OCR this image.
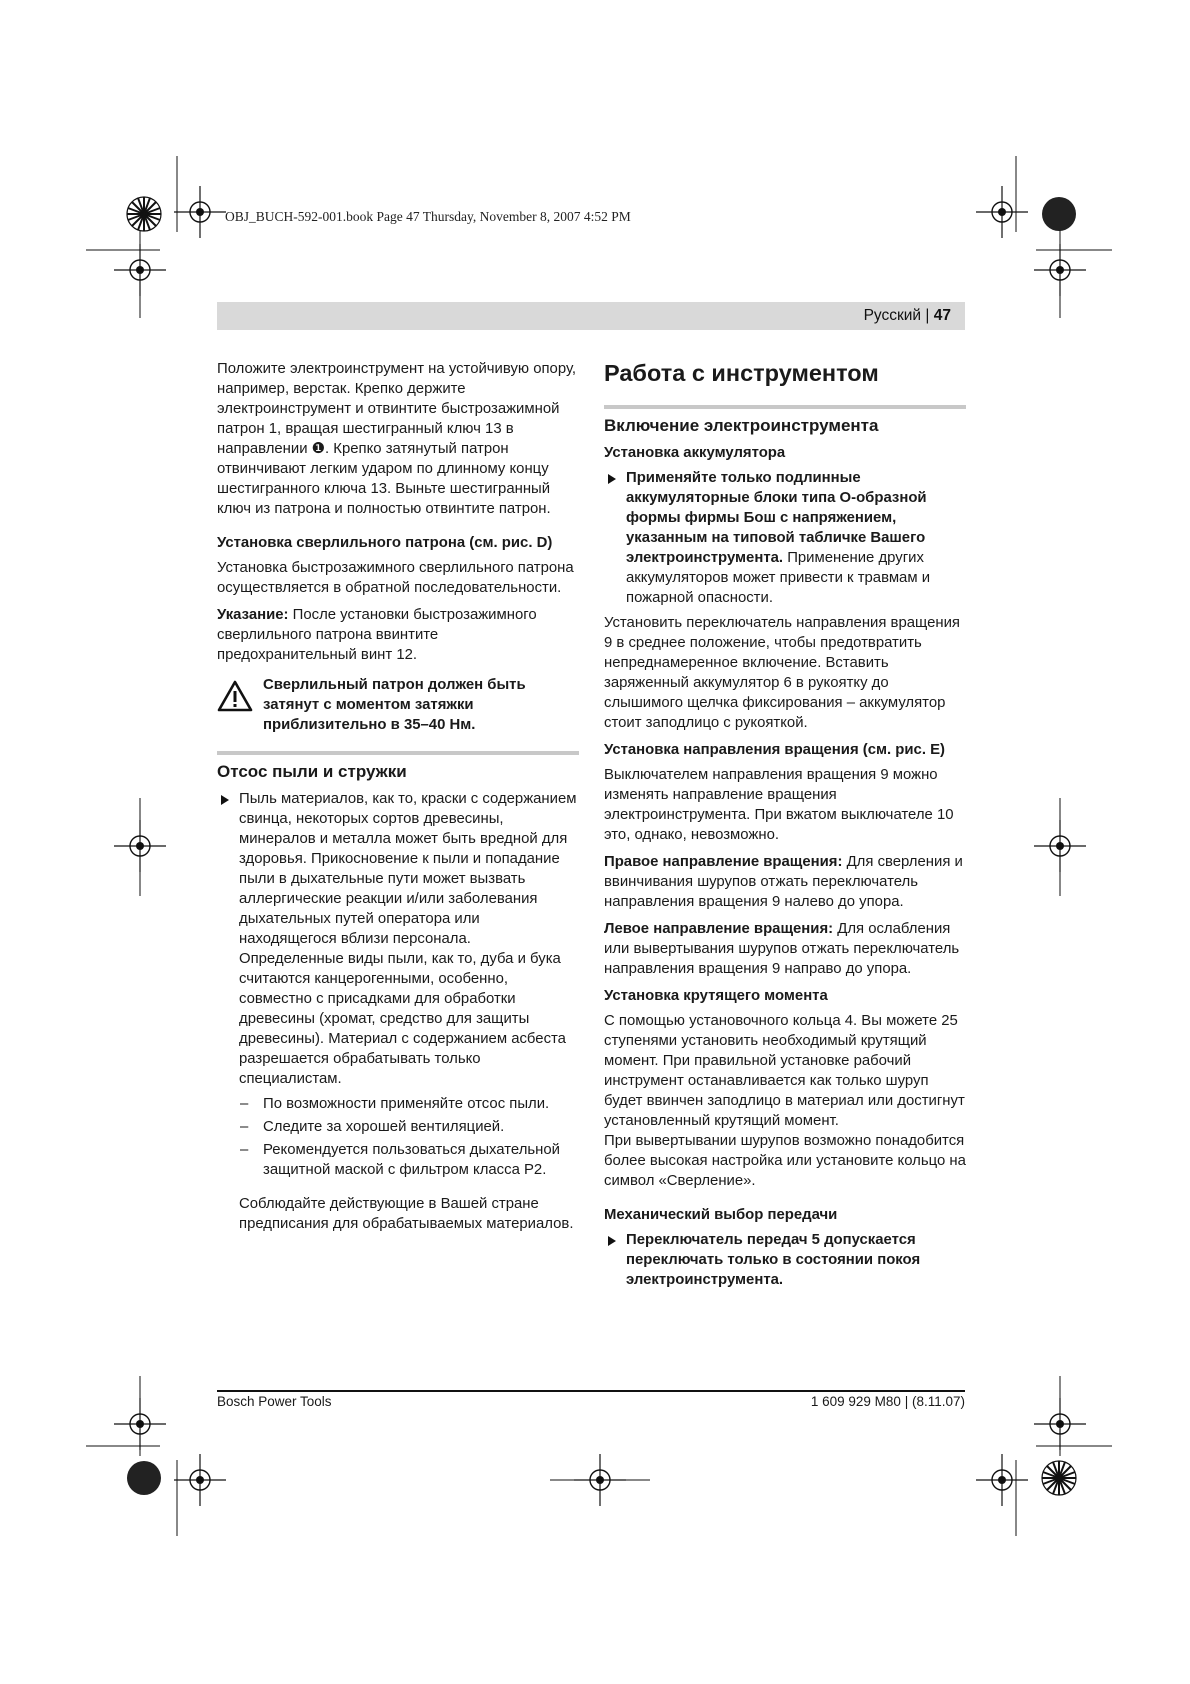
OBJ_BUCH-592-001.book Page 47 Thursday, November 8, 2007 4:52 PM
Русский | 47

Положите электроинструмент на устойчивую опору, например, верстак. Крепко держите электроинструмент и отвинтите быстрозажимной патрон 1, вращая шестигранный ключ 13 в направлении ❶. Крепко затянутый патрон отвинчивают легким ударом по длинному концу шестигранного ключа 13. Выньте шестигранный ключ из патрона и полностью отвинтите патрон.

Установка сверлильного патрона (см. рис. D)

Установка быстрозажимного сверлильного патрона осуществляется в обратной последовательности.

Указание: После установки быстрозажимного сверлильного патрона ввинтите предохранительный винт 12.

Сверлильный патрон должен быть затянут с моментом затяжки приблизительно в 35–40 Нм.
Отсос пыли и стружки
Пыль материалов, как то, краски с содержанием свинца, некоторых сортов древесины, минералов и металла может быть вредной для здоровья. Прикосновение к пыли и попадание пыли в дыхательные пути может вызвать аллергические реакции и/или заболевания дыхательных путей оператора или находящегося вблизи персонала. Определенные виды пыли, как то, дуба и бука считаются канцерогенными, особенно, совместно с присадками для обработки древесины (хромат, средство для защиты древесины). Материал с содержанием асбеста разрешается обрабатывать только специалистам.
– По возможности применяйте отсос пыли.
– Следите за хорошей вентиляцией.
– Рекомендуется пользоваться дыхательной защитной маской с фильтром класса P2.

Соблюдайте действующие в Вашей стране предписания для обрабатываемых материалов.

Работа с инструментом
Включение электроинструмента
Установка аккумулятора
Применяйте только подлинные аккумуляторные блоки типа О-образной формы фирмы Бош с напряжением, указанным на типовой табличке Вашего электроинструмента. Применение других аккумуляторов может привести к травмам и пожарной опасности.

Установить переключатель направления вращения 9 в среднее положение, чтобы предотвратить непреднамеренное включение. Вставить заряженный аккумулятор 6 в рукоятку до слышимого щелчка фиксирования – аккумулятор стоит заподлицо с рукояткой.

Установка направления вращения (см. рис. E)

Выключателем направления вращения 9 можно изменять направление вращения электроинструмента. При вжатом выключателе 10 это, однако, невозможно.

Правое направление вращения: Для сверления и ввинчивания шурупов отжать переключатель направления вращения 9 налево до упора.

Левое направление вращения: Для ослабления или вывертывания шурупов отжать переключатель направления вращения 9 направо до упора.

Установка крутящего момента

С помощью установочного кольца 4. Вы можете 25 ступенями установить необходимый крутящий момент. При правильной установке рабочий инструмент останавливается как только шуруп будет ввинчен заподлицо в материал или достигнут установленный крутящий момент.

При вывертывании шурупов возможно понадобится более высокая настройка или установите кольцо на символ «Сверление».

Механический выбор передачи
Переключатель передач 5 допускается переключать только в состоянии покоя электроинструмента.
Bosch Power Tools	1 609 929 M80 | (8.11.07)
